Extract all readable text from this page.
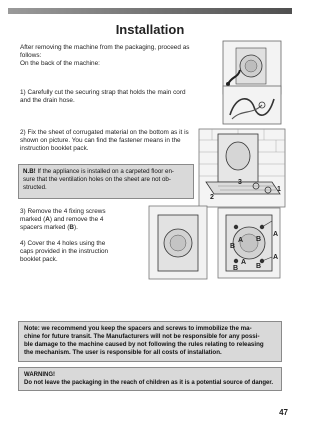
Installation
After removing the machine from the packaging, proceed as
follows:
On the back of the machine:
1) Carefully cut the securing strap that holds the main cord
and the drain hose.
2) Fix the sheet of corrugated material on the bottom as it is
shown on picture. You can find the fastener means in the
instruction booklet pack.
N.B! If the appliance is installed on a carpeted floor en-
sure that the ventilation holes on the sheet are not ob-
structed.
3
1
2
3) Remove the 4 fixing screws
marked (A) and remove the 4
spacers marked (B).
4) Cover the 4 holes using the
caps provided in the instruction
booklet pack.
A
B
A
B
A
B
A
B
Note: we recommend you keep the spacers and screws to immobilize the ma-
chine for future transit. The Manufacturers will not be responsible for any possi-
ble damage to the machine caused by not following the rules relating to releasing
the mechanism. The user is responsible for all costs of installation.
WARNING!
Do not leave the packaging in the reach of children as it is a potential source of danger.
47
